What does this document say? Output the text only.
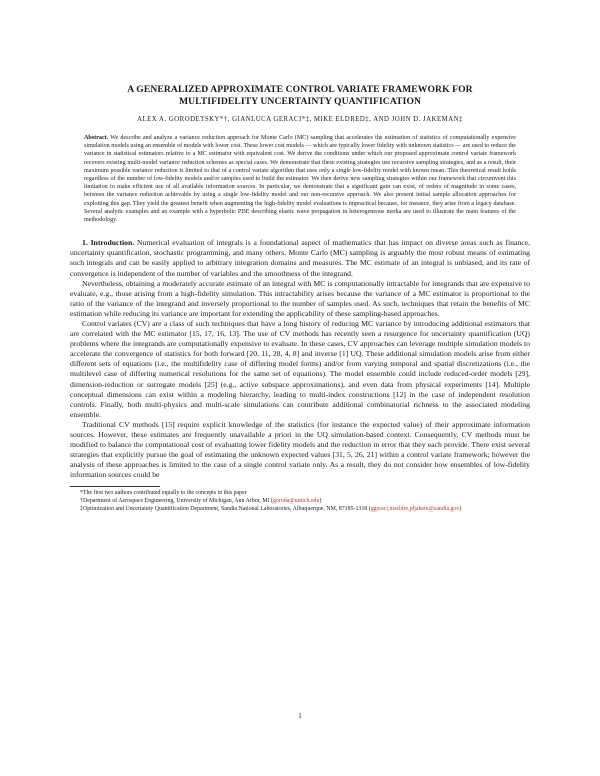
A GENERALIZED APPROXIMATE CONTROL VARIATE FRAMEWORK FOR
MULTIFIDELITY UNCERTAINTY QUANTIFICATION
ALEX A. GORODETSKY*†, GIANLUCA GERACI*‡, MIKE ELDRED‡, AND JOHN D. JAKEMAN‡
Abstract. We describe and analyze a variance reduction approach for Monte Carlo (MC) sampling that accelerates the estimation of statistics of computationally expensive simulation models using an ensemble of models with lower cost. These lower cost models — which are typically lower fidelity with unknown statistics — are used to reduce the variance in statistical estimators relative to a MC estimator with equivalent cost. We derive the conditions under which our proposed approximate control variate framework recovers existing multi-model variance reduction schemes as special cases. We demonstrate that these existing strategies use recursive sampling strategies, and as a result, their maximum possible variance reduction is limited to that of a control variate algorithm that uses only a single low-fidelity model with known mean. This theoretical result holds regardless of the number of low-fidelity models and/or samples used to build the estimator. We then derive new sampling strategies within our framework that circumvent this limitation to make efficient use of all available information sources. In particular, we demonstrate that a significant gain can exist, of orders of magnitude in some cases, between the variance reduction achievable by using a single low-fidelity model and our non-recursive approach. We also present initial sample allocation approaches for exploiting this gap. They yield the greatest benefit when augmenting the high-fidelity model evaluations is impractical because, for instance, they arise from a legacy database. Several analytic examples and an example with a hyperbolic PDE describing elastic wave propagation in heterogeneous media are used to illustrate the main features of the methodology.

1. Introduction. Numerical evaluation of integrals is a foundational aspect of mathematics that has impact on diverse areas such as finance, uncertainty quantification, stochastic programming, and many others. Monte Carlo (MC) sampling is arguably the most robust means of estimating such integrals and can be easily applied to arbitrary integration domains and measures. The MC estimate of an integral is unbiased, and its rate of convergence is independent of the number of variables and the smoothness of the integrand.

Nevertheless, obtaining a moderately accurate estimate of an integral with MC is computationally intractable for integrands that are expensive to evaluate, e.g., those arising from a high-fidelity simulation. This intractability arises because the variance of a MC estimator is proportional to the ratio of the variance of the integrand and inversely proportional to the number of samples used. As such, techniques that retain the benefits of MC estimation while reducing its variance are important for extending the applicability of these sampling-based approaches.

Control variates (CV) are a class of such techniques that have a long history of reducing MC variance by introducing additional estimators that are correlated with the MC estimator [15, 17, 16, 13]. The use of CV methods has recently seen a resurgence for uncertainty quantification (UQ) problems where the integrands are computationally expensive to evaluate. In these cases, CV approaches can leverage multiple simulation models to accelerate the convergence of statistics for both forward [20, 11, 28, 4, 8] and inverse [1] UQ. These additional simulation models arise from either different sets of equations (i.e., the multifidelity case of differing model forms) and/or from varying temporal and spatial discretizations (i.e., the multilevel case of differing numerical resolutions for the same set of equations). The model ensemble could include reduced-order models [29], dimension-reduction or surrogate models [25] (e.g., active subspace approximations), and even data from physical experiments [14]. Multiple conceptual dimensions can exist within a modeling hierarchy, leading to multi-index constructions [12] in the case of independent resolution controls. Finally, both multi-physics and multi-scale simulations can contribute additional combinatorial richness to the associated modeling ensemble.

Traditional CV methods [15] require explicit knowledge of the statistics (for instance the expected value) of their approximate information sources. However, these estimates are frequently unavailable a priori in the UQ simulation-based context. Consequently, CV methods must be modified to balance the computational cost of evaluating lower fidelity models and the reduction in error that they each provide. There exist several strategies that explicitly pursue the goal of estimating the unknown expected values [31, 5, 26, 21] within a control variate framework; however the analysis of these approaches is limited to the case of a single control variate only. As a result, they do not consider how ensembles of low-fidelity information sources could be

*The first two authors contributed equally to the concepts in this paper
†Department of Aerospace Engineering, University of Michigan, Ann Arbor, MI (goroda@umich.edu)
‡Optimization and Uncertainty Quantification Department, Sandia National Laboratories, Albuquerque, NM, 87185-1318 (ggeraci,mseldre,jdjakem@sandia.gov)
1
